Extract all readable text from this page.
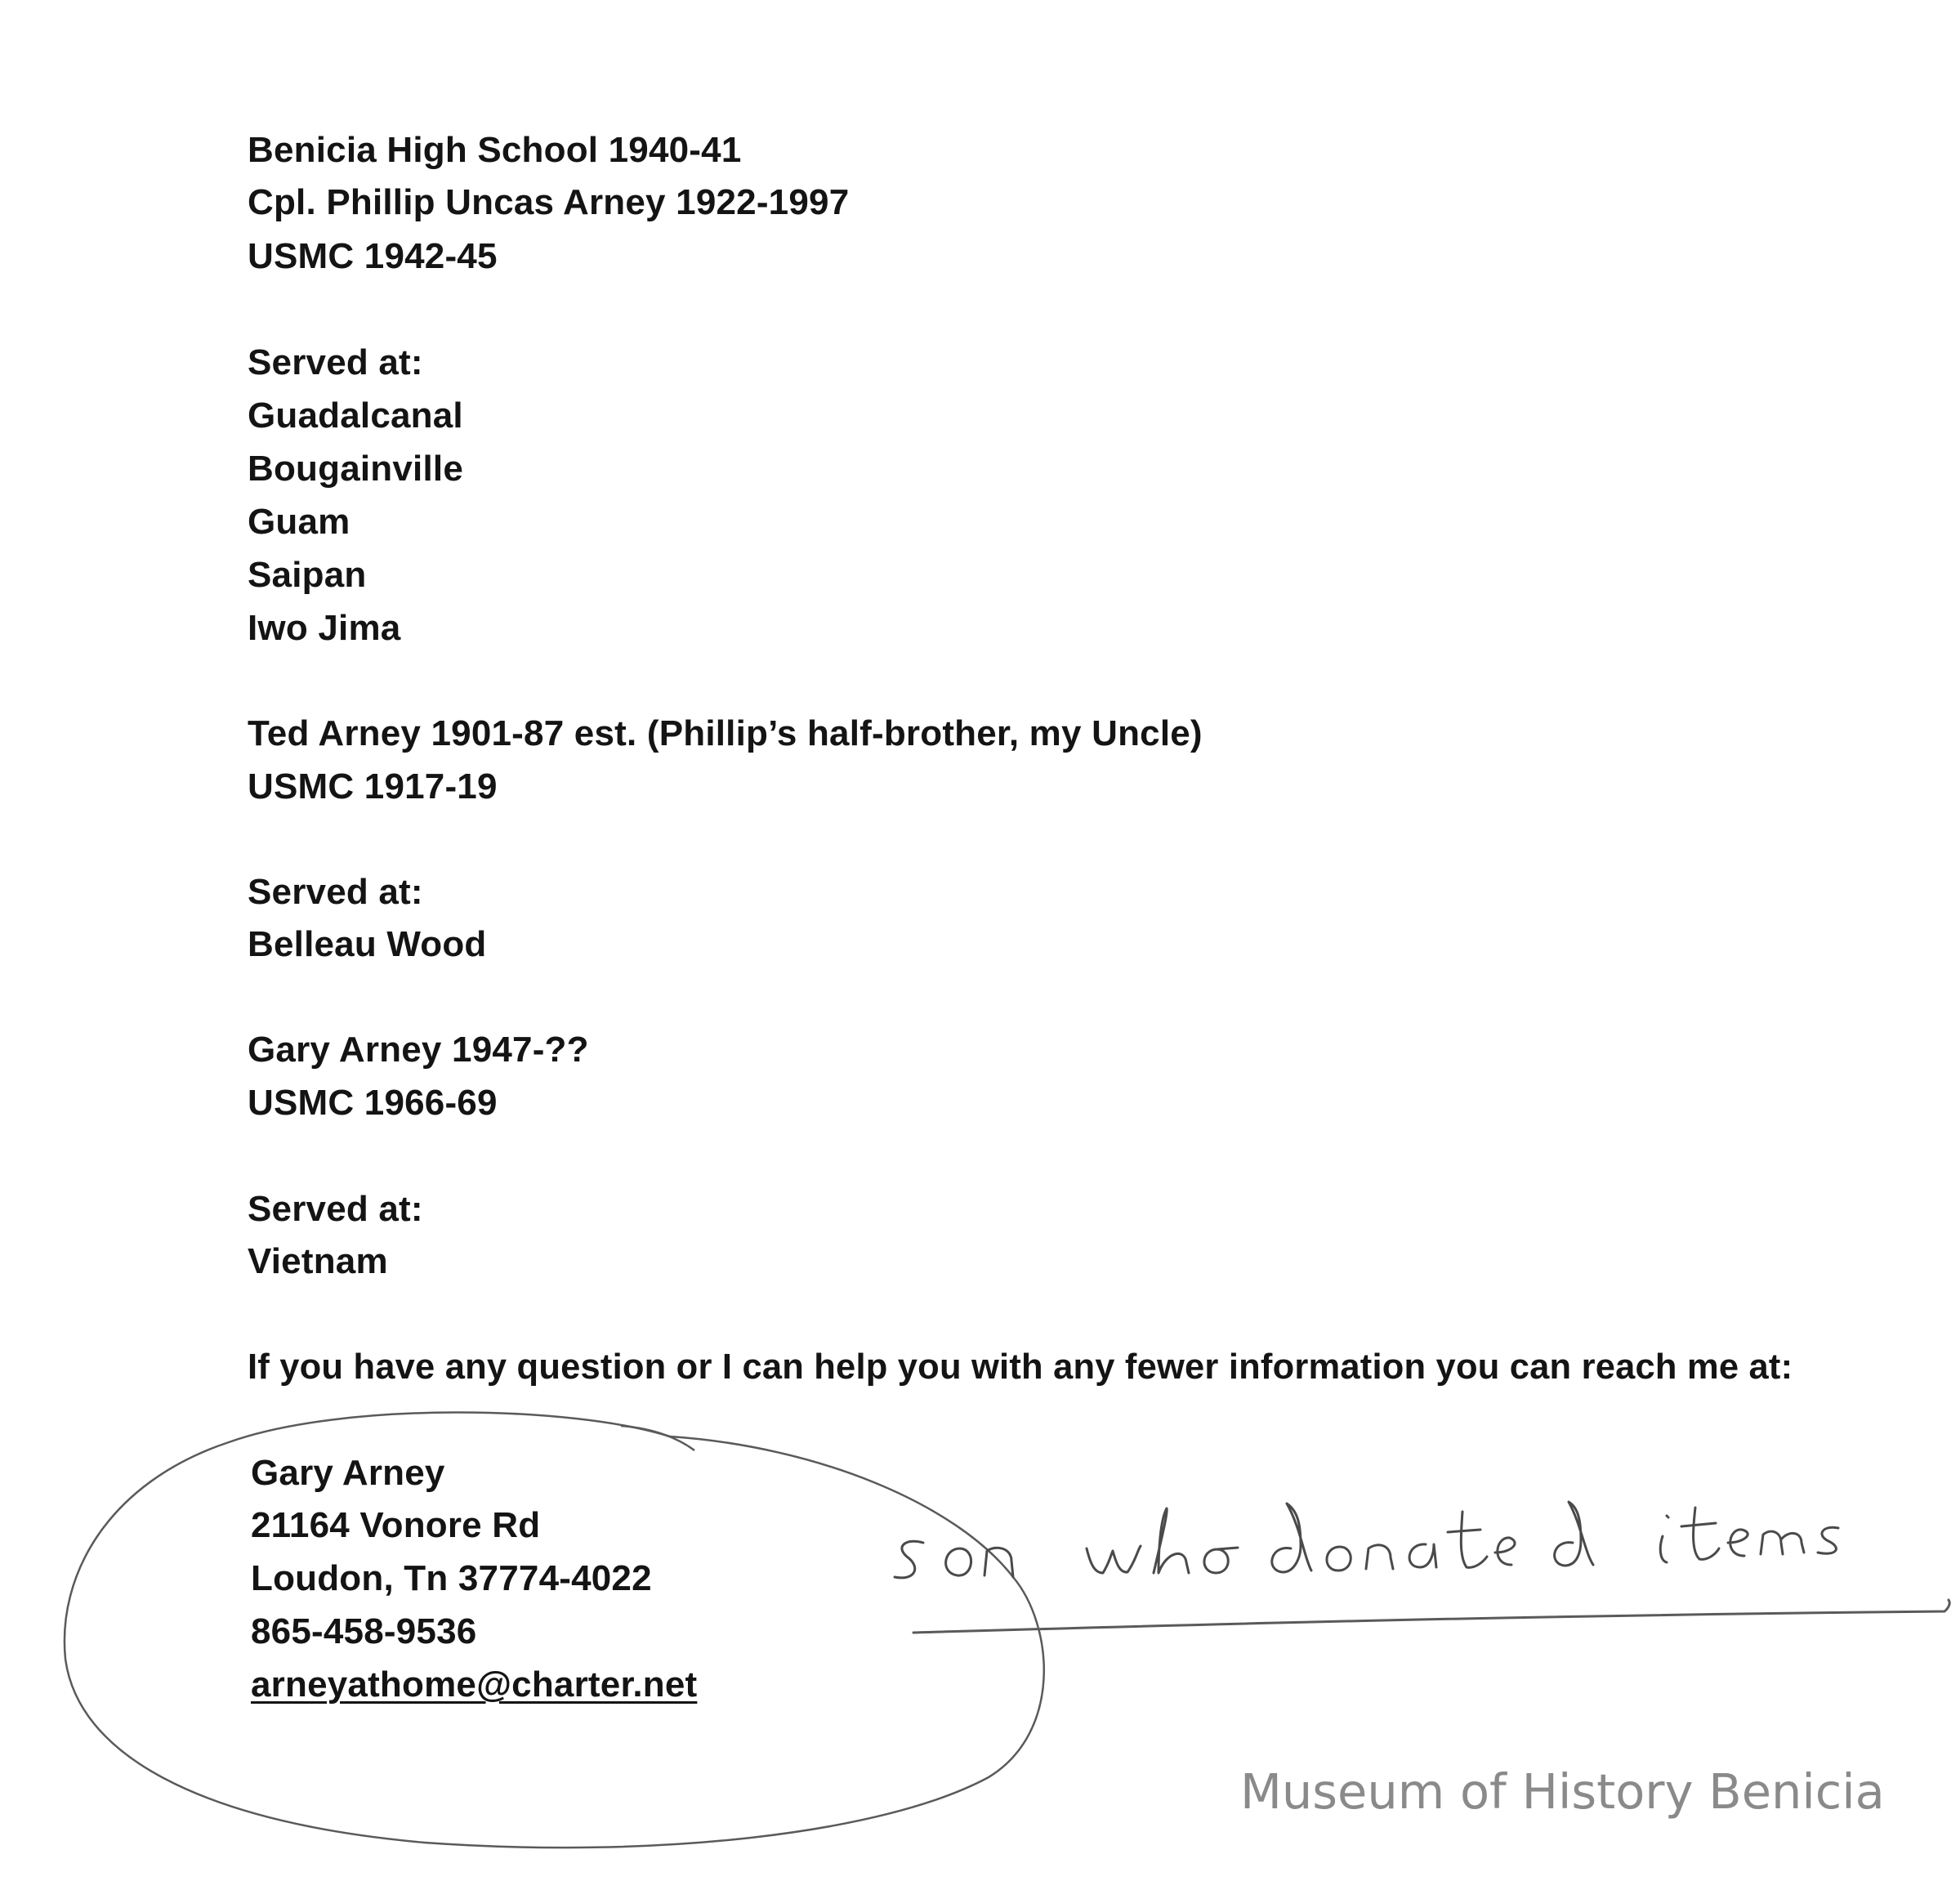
Benicia High School 1940-41
Cpl. Phillip Uncas Arney 1922-1997
USMC 1942-45
Served at:
Guadalcanal
Bougainville
Guam
Saipan
Iwo Jima
Ted Arney 1901-87 est. (Phillip’s half-brother, my Uncle)
USMC 1917-19
Served at:
Belleau Wood
Gary Arney 1947-??
USMC 1966-69
Served at:
Vietnam
If you have any question or I can help you with any fewer information you can reach me at:
Gary Arney
21164 Vonore Rd
Loudon, Tn 37774-4022
865-458-9536
arneyathome@charter.net
Museum of History Benicia
